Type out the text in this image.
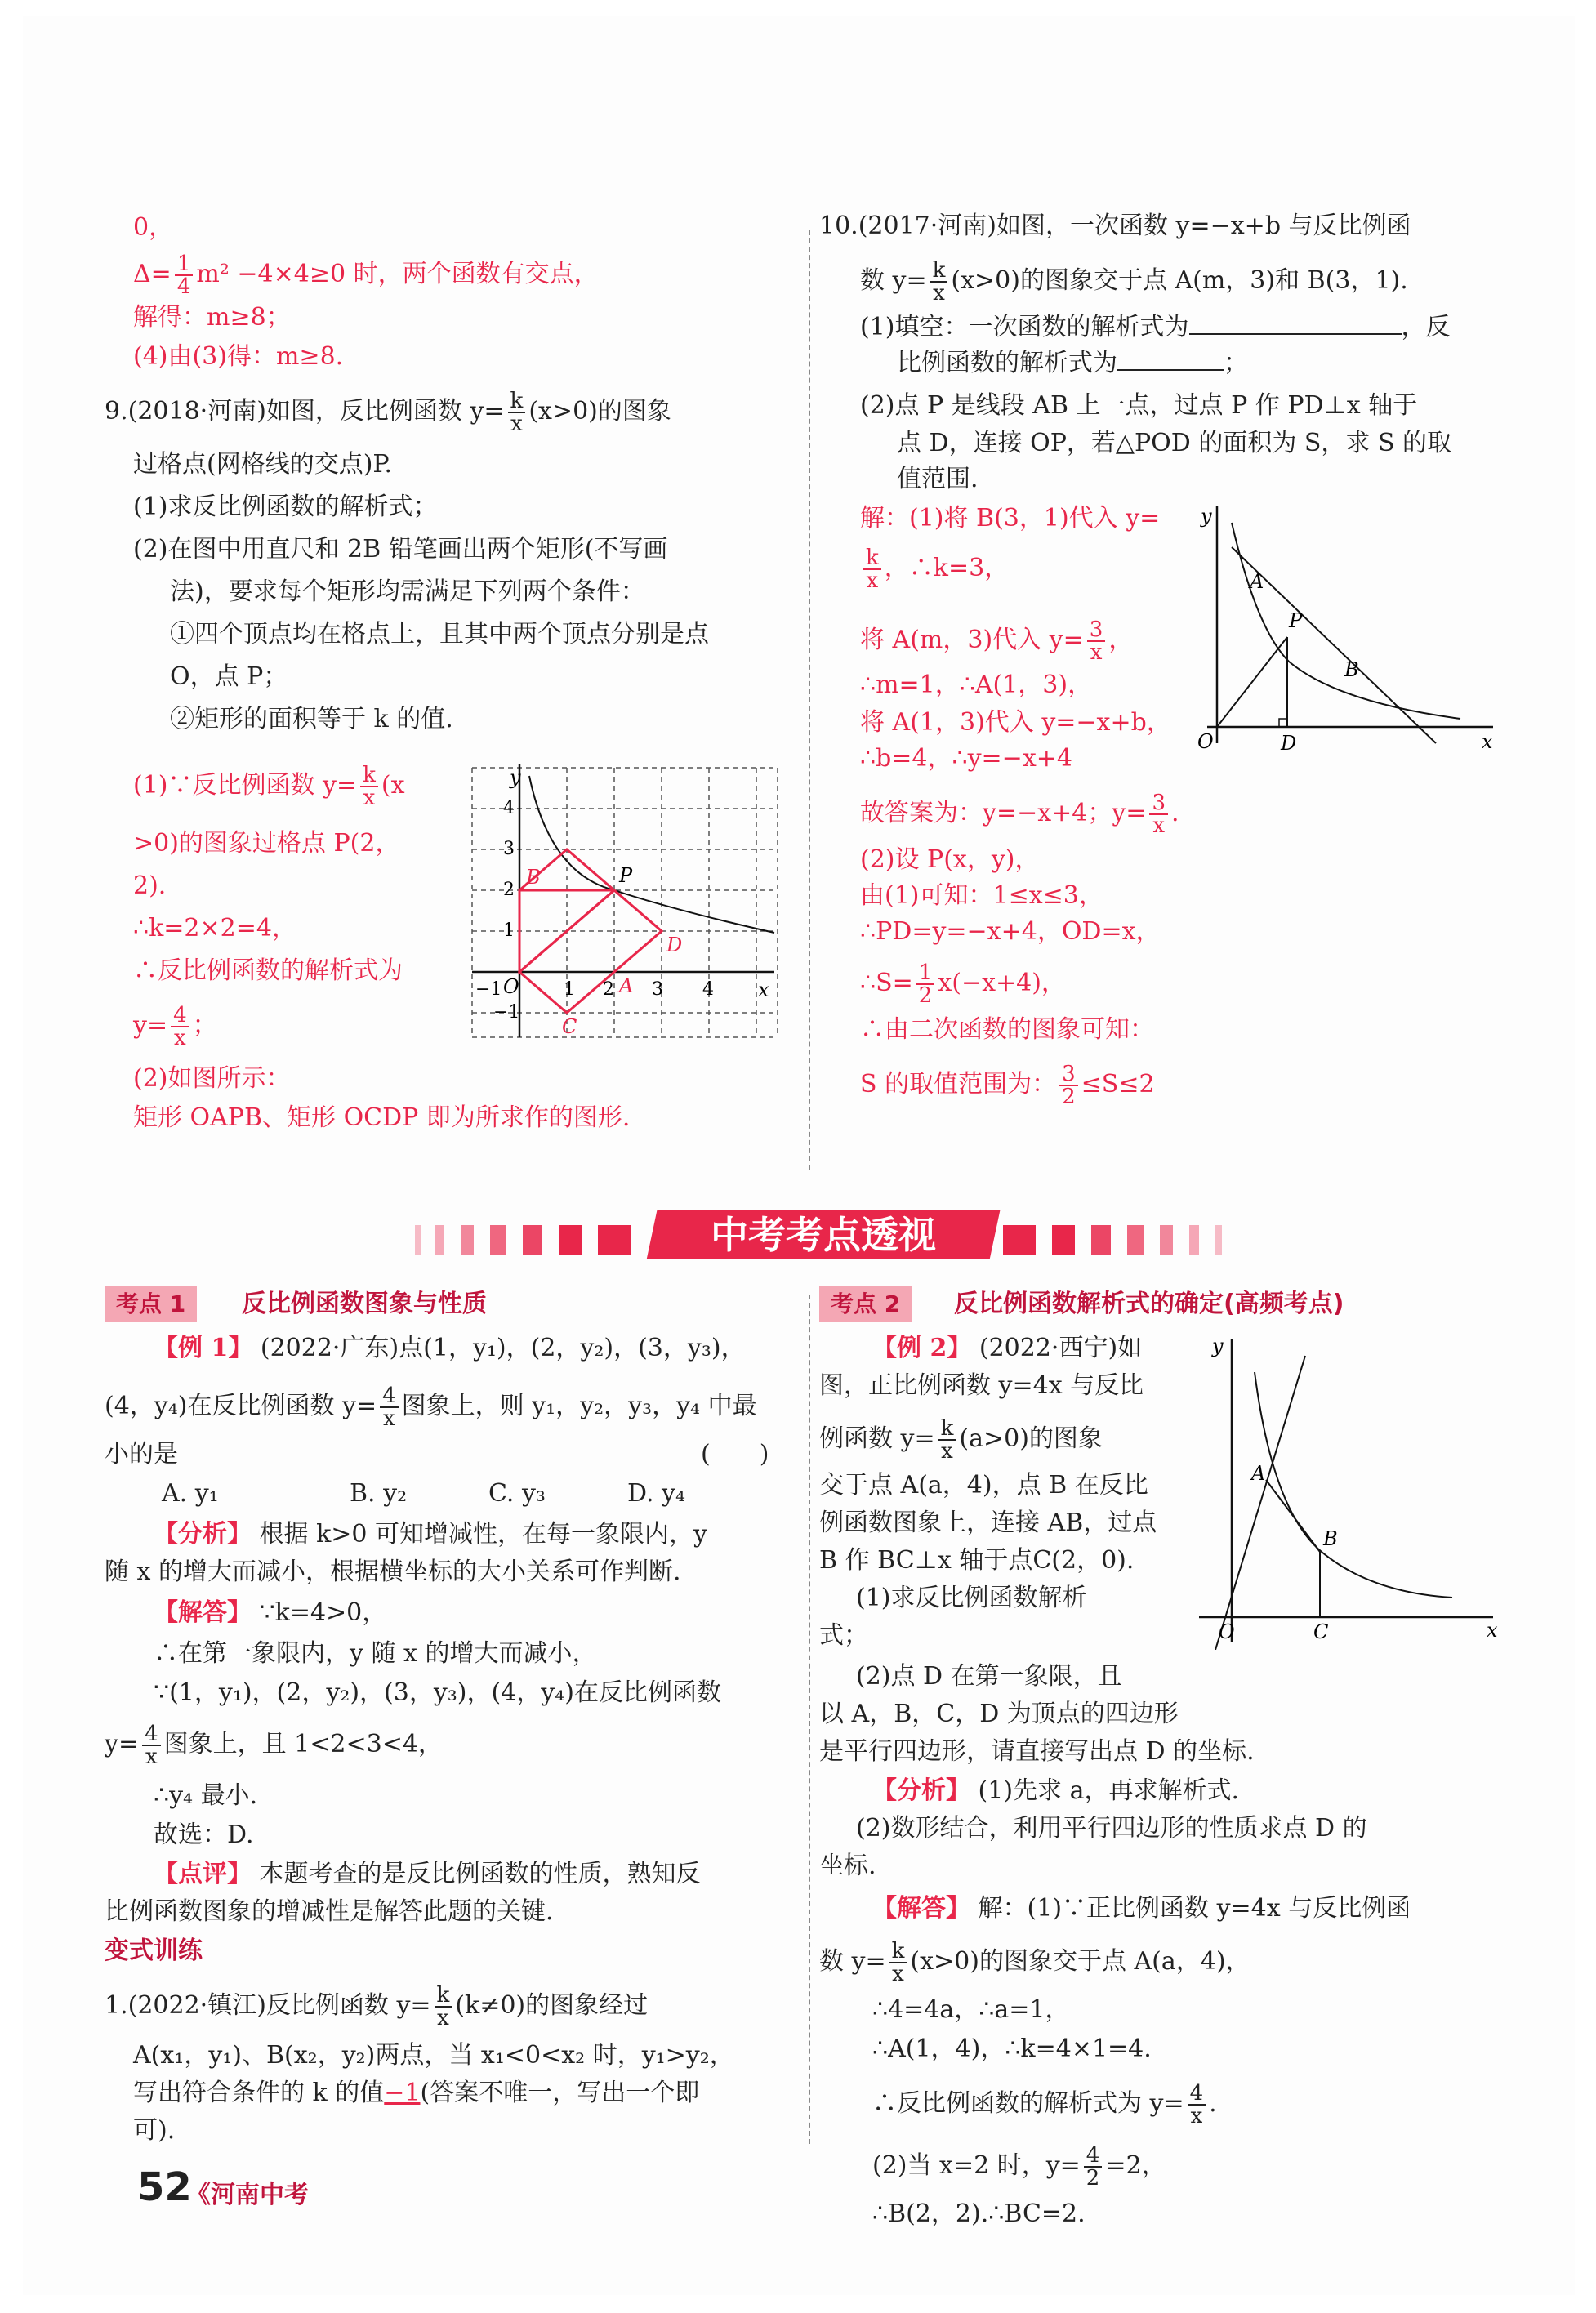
0，
$\Delta= \frac{1}{4} m^2 -4\times 4\ge 0$ 时，两个函数有交点，
解得：m≥8；
(4)由(3)得：m≥8.
9.(2018·河南)如图，反比例函数 $y= \frac{k}{x} (x>0)$的图象
过格点(网格线的交点)P.
(1)求反比例函数的解析式；
(2)在图中用直尺和 2B 铅笔画出两个矩形(不写画
法)，要求每个矩形均需满足下列两个条件：
①四个顶点均在格点上，且其中两个顶点分别是点
O，点 P；
②矩形的面积等于 k 的值.
(1)∵反比例函数 $y= \frac{k}{x} (x$
>0)的图象过格点 P(2，
2).
∴k=2×2=4，
∴反比例函数的解析式为
$y= \frac{4}{x}$ ；
(2)如图所示：
矩形 OAPB、矩形 OCDP 即为所求作的图形.
y
x
O
P
B
A
C
D
−1	1 2 3 4
4
3
2
1
−1
10.(2017·河南)如图，一次函数 y=−x+b 与反比例函
数 $y= \frac{k}{x} (x>0)$的图象交于点 A(m，3)和 B(3，1).
(1)填空：一次函数的解析式为	，反
比例函数的解析式为	；
(2)点 P 是线段 AB 上一点，过点 P 作 PD⊥x 轴于
点 D，连接 OP，若△POD 的面积为 S，求 S 的取
值范围.
解：(1)将 B(3，1)代入 y=
$\frac{k}{x}$ ，∴k=3，
将 A(m，3)代入 $y= \frac{3}{x}$ ，
∴m=1，∴A(1，3)，
将 A(1，3)代入 y=−x+b，
∴b=4，∴y=−x+4
故答案为：y=−x+4；$y= \frac{3}{x}$ .
(2)设 P(x，y)，
由(1)可知：1≤x≤3，
∴PD=y=−x+4，OD=x，
∴S= $\frac{1}{2} x(-x+4)$，
∴由二次函数的图象可知：
S 的取值范围为： $\frac{3}{2} \le S\le 2$
y
x
O
A
B
P
D
中考考点透视
考点 1	反比例函数图象与性质
【例 1】 (2022·广东)点(1，y₁)，(2，y₂)，(3，y₃)，
(4，y₄)在反比例函数 $y= \frac{4}{x}$ 图象上，则 y₁，y₂，y₃，y₄ 中最
小的是	(　　)
A. y₁	B. y₂	C. y₃	D. y₄
【分析】 根据 k>0 可知增减性，在每一象限内，y
随 x 的增大而减小，根据横坐标的大小关系可作判断.
【解答】 ∵k=4>0，
∴在第一象限内，y 随 x 的增大而减小，
∵(1，y₁)，(2，y₂)，(3，y₃)，(4，y₄)在反比例函数
$y= \frac{4}{x}$ 图象上，且 1<2<3<4，
∴y₄ 最小.
故选：D.
【点评】 本题考查的是反比例函数的性质，熟知反
比例函数图象的增减性是解答此题的关键.
变式训练
1.(2022·镇江)反比例函数 $y= \frac{k}{x} (k\ne 0)$的图象经过
A(x₁，y₁)、B(x₂，y₂)两点，当 x₁<0<x₂ 时，y₁>y₂，
写出符合条件的 k 的值−1(答案不唯一，写出一个即
可).
考点 2	反比例函数解析式的确定(高频考点)
【例 2】 (2022·西宁)如
图，正比例函数 y=4x 与反比
例函数 $y= \frac{k}{x} (a>0)$的图象
交于点 A(a，4)，点 B 在反比
例函数图象上，连接 AB，过点
B 作 BC⊥x 轴于点C(2，0).
(1)求反比例函数解析
式；
(2)点 D 在第一象限，且
以 A，B，C，D 为顶点的四边形
是平行四边形，请直接写出点 D 的坐标.
【分析】 (1)先求 a，再求解析式.
(2)数形结合，利用平行四边形的性质求点 D 的
坐标.
【解答】 解：(1)∵正比例函数 y=4x 与反比例函
数 $y= \frac{k}{x} (x>0)$的图象交于点 A(a，4)，
∴4=4a，∴a=1，
∴A(1，4)，∴k=4×1=4.
∴反比例函数的解析式为 $y= \frac{4}{x}$ .
(2)当 x=2 时，$y= \frac{4}{2} =2$，
∴B(2，2).∴BC=2.
y
x
O
A
B
C
52
《河南中考
